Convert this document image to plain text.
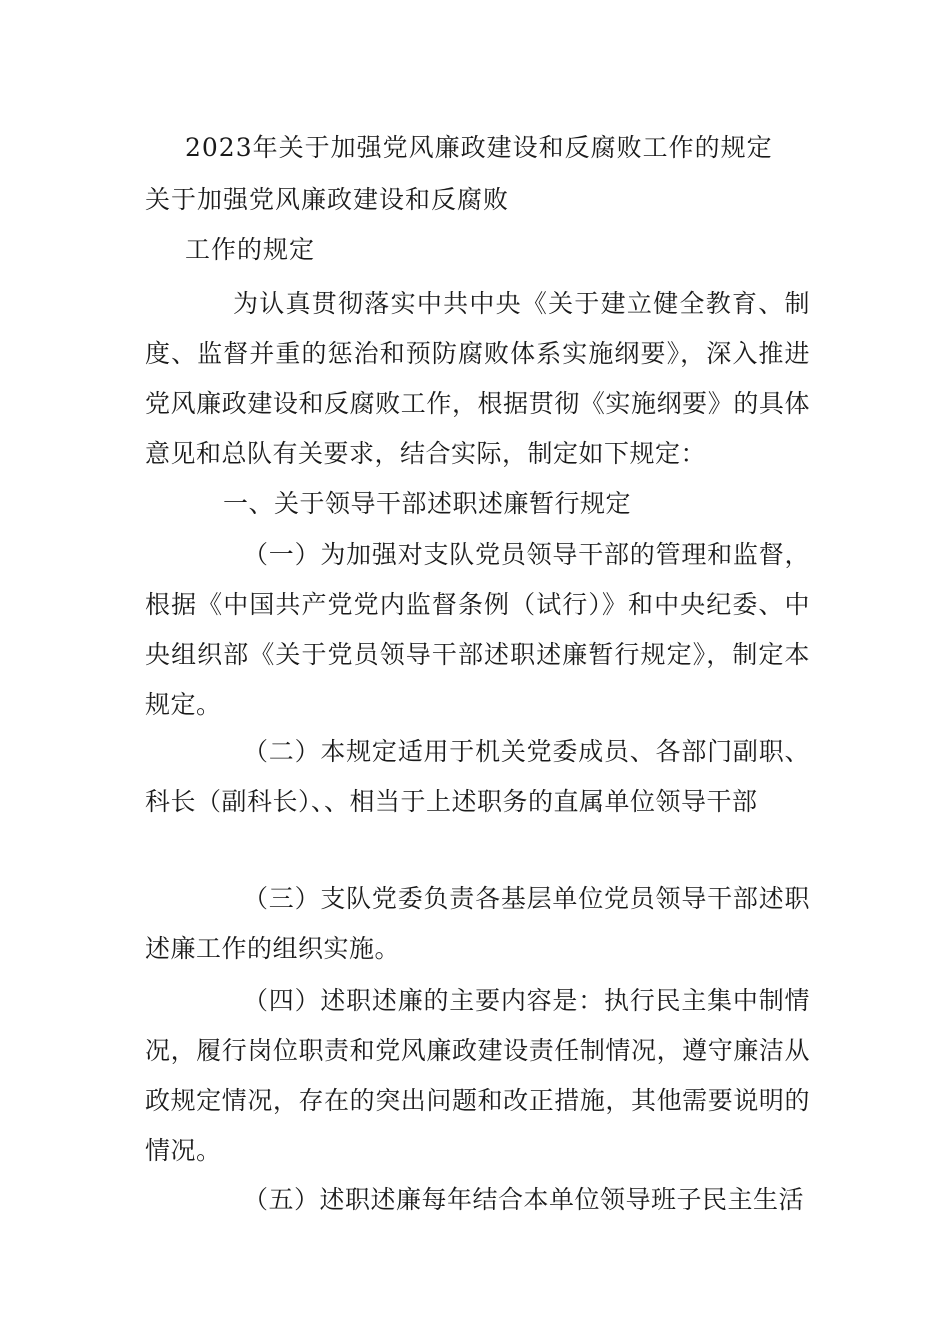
2023年关于加强党风廉政建设和反腐败工作的规定
关于加强党风廉政建设和反腐败
工作的规定
为认真贯彻落实中共中央《关于建立健全教育、制度、监督并重的惩治和预防腐败体系实施纲要》，深入推进党风廉政建设和反腐败工作，根据贯彻《实施纲要》的具体意见和总队有关要求，结合实际，制定如下规定：
一、关于领导干部述职述廉暂行规定
（一）为加强对支队党员领导干部的管理和监督，根据《中国共产党党内监督条例（试行）》和中央纪委、中央组织部《关于党员领导干部述职述廉暂行规定》，制定本规定。
（二）本规定适用于机关党委成员、各部门副职、科长（副科长）、、相当于上述职务的直属单位领导干部
（三）支队党委负责各基层单位党员领导干部述职述廉工作的组织实施。
（四）述职述廉的主要内容是：执行民主集中制情况，履行岗位职责和党风廉政建设责任制情况，遵守廉洁从政规定情况，存在的突出问题和改正措施，其他需要说明的情况。
（五）述职述廉每年结合本单位领导班子民主生活
